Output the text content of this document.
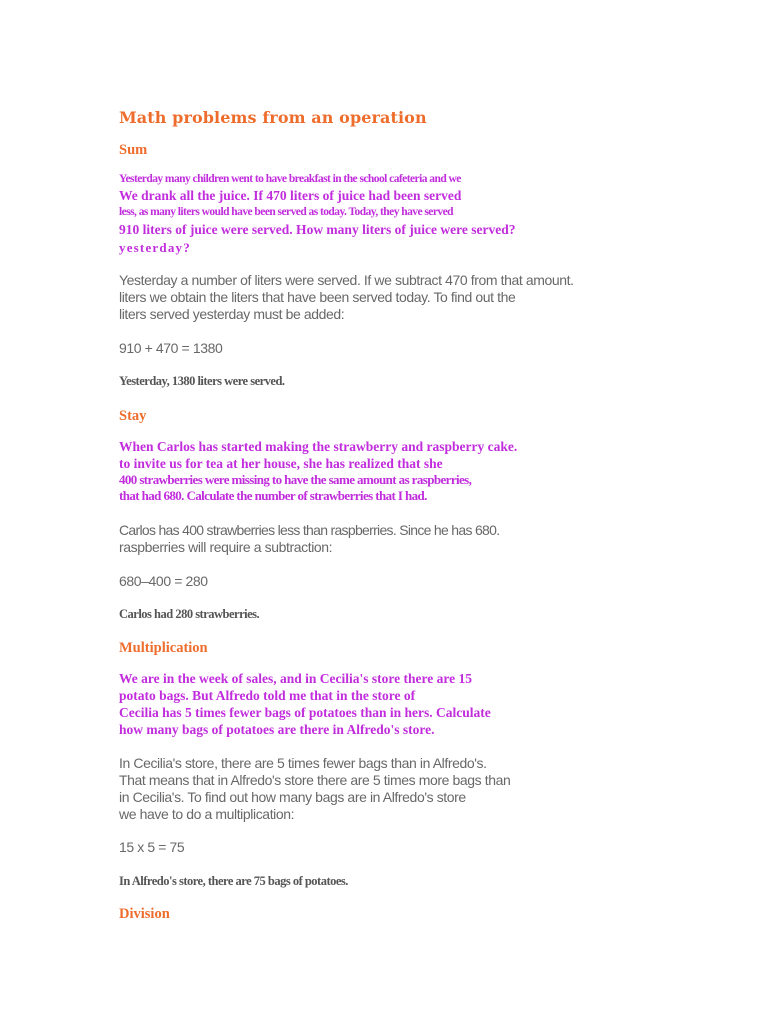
Math problems from an operation
Sum
Yesterday many children went to have breakfast in the school cafeteria and we
We drank all the juice. If 470 liters of juice had been served
less, as many liters would have been served as today. Today, they have served
910 liters of juice were served. How many liters of juice were served?
yesterday?
Yesterday a number of liters were served. If we subtract 470 from that amount.
liters we obtain the liters that have been served today. To find out the
liters served yesterday must be added:
910 + 470 = 1380
Yesterday, 1380 liters were served.
Stay
When Carlos has started making the strawberry and raspberry cake.
to invite us for tea at her house, she has realized that she
400 strawberries were missing to have the same amount as raspberries,
that had 680. Calculate the number of strawberries that I had.
Carlos has 400 strawberries less than raspberries. Since he has 680.
raspberries will require a subtraction:
680–400 = 280
Carlos had 280 strawberries.
Multiplication
We are in the week of sales, and in Cecilia's store there are 15
potato bags. But Alfredo told me that in the store of
Cecilia has 5 times fewer bags of potatoes than in hers. Calculate
how many bags of potatoes are there in Alfredo's store.
In Cecilia's store, there are 5 times fewer bags than in Alfredo's.
That means that in Alfredo's store there are 5 times more bags than
in Cecilia's. To find out how many bags are in Alfredo's store
we have to do a multiplication:
15 x 5 = 75
In Alfredo's store, there are 75 bags of potatoes.
Division
